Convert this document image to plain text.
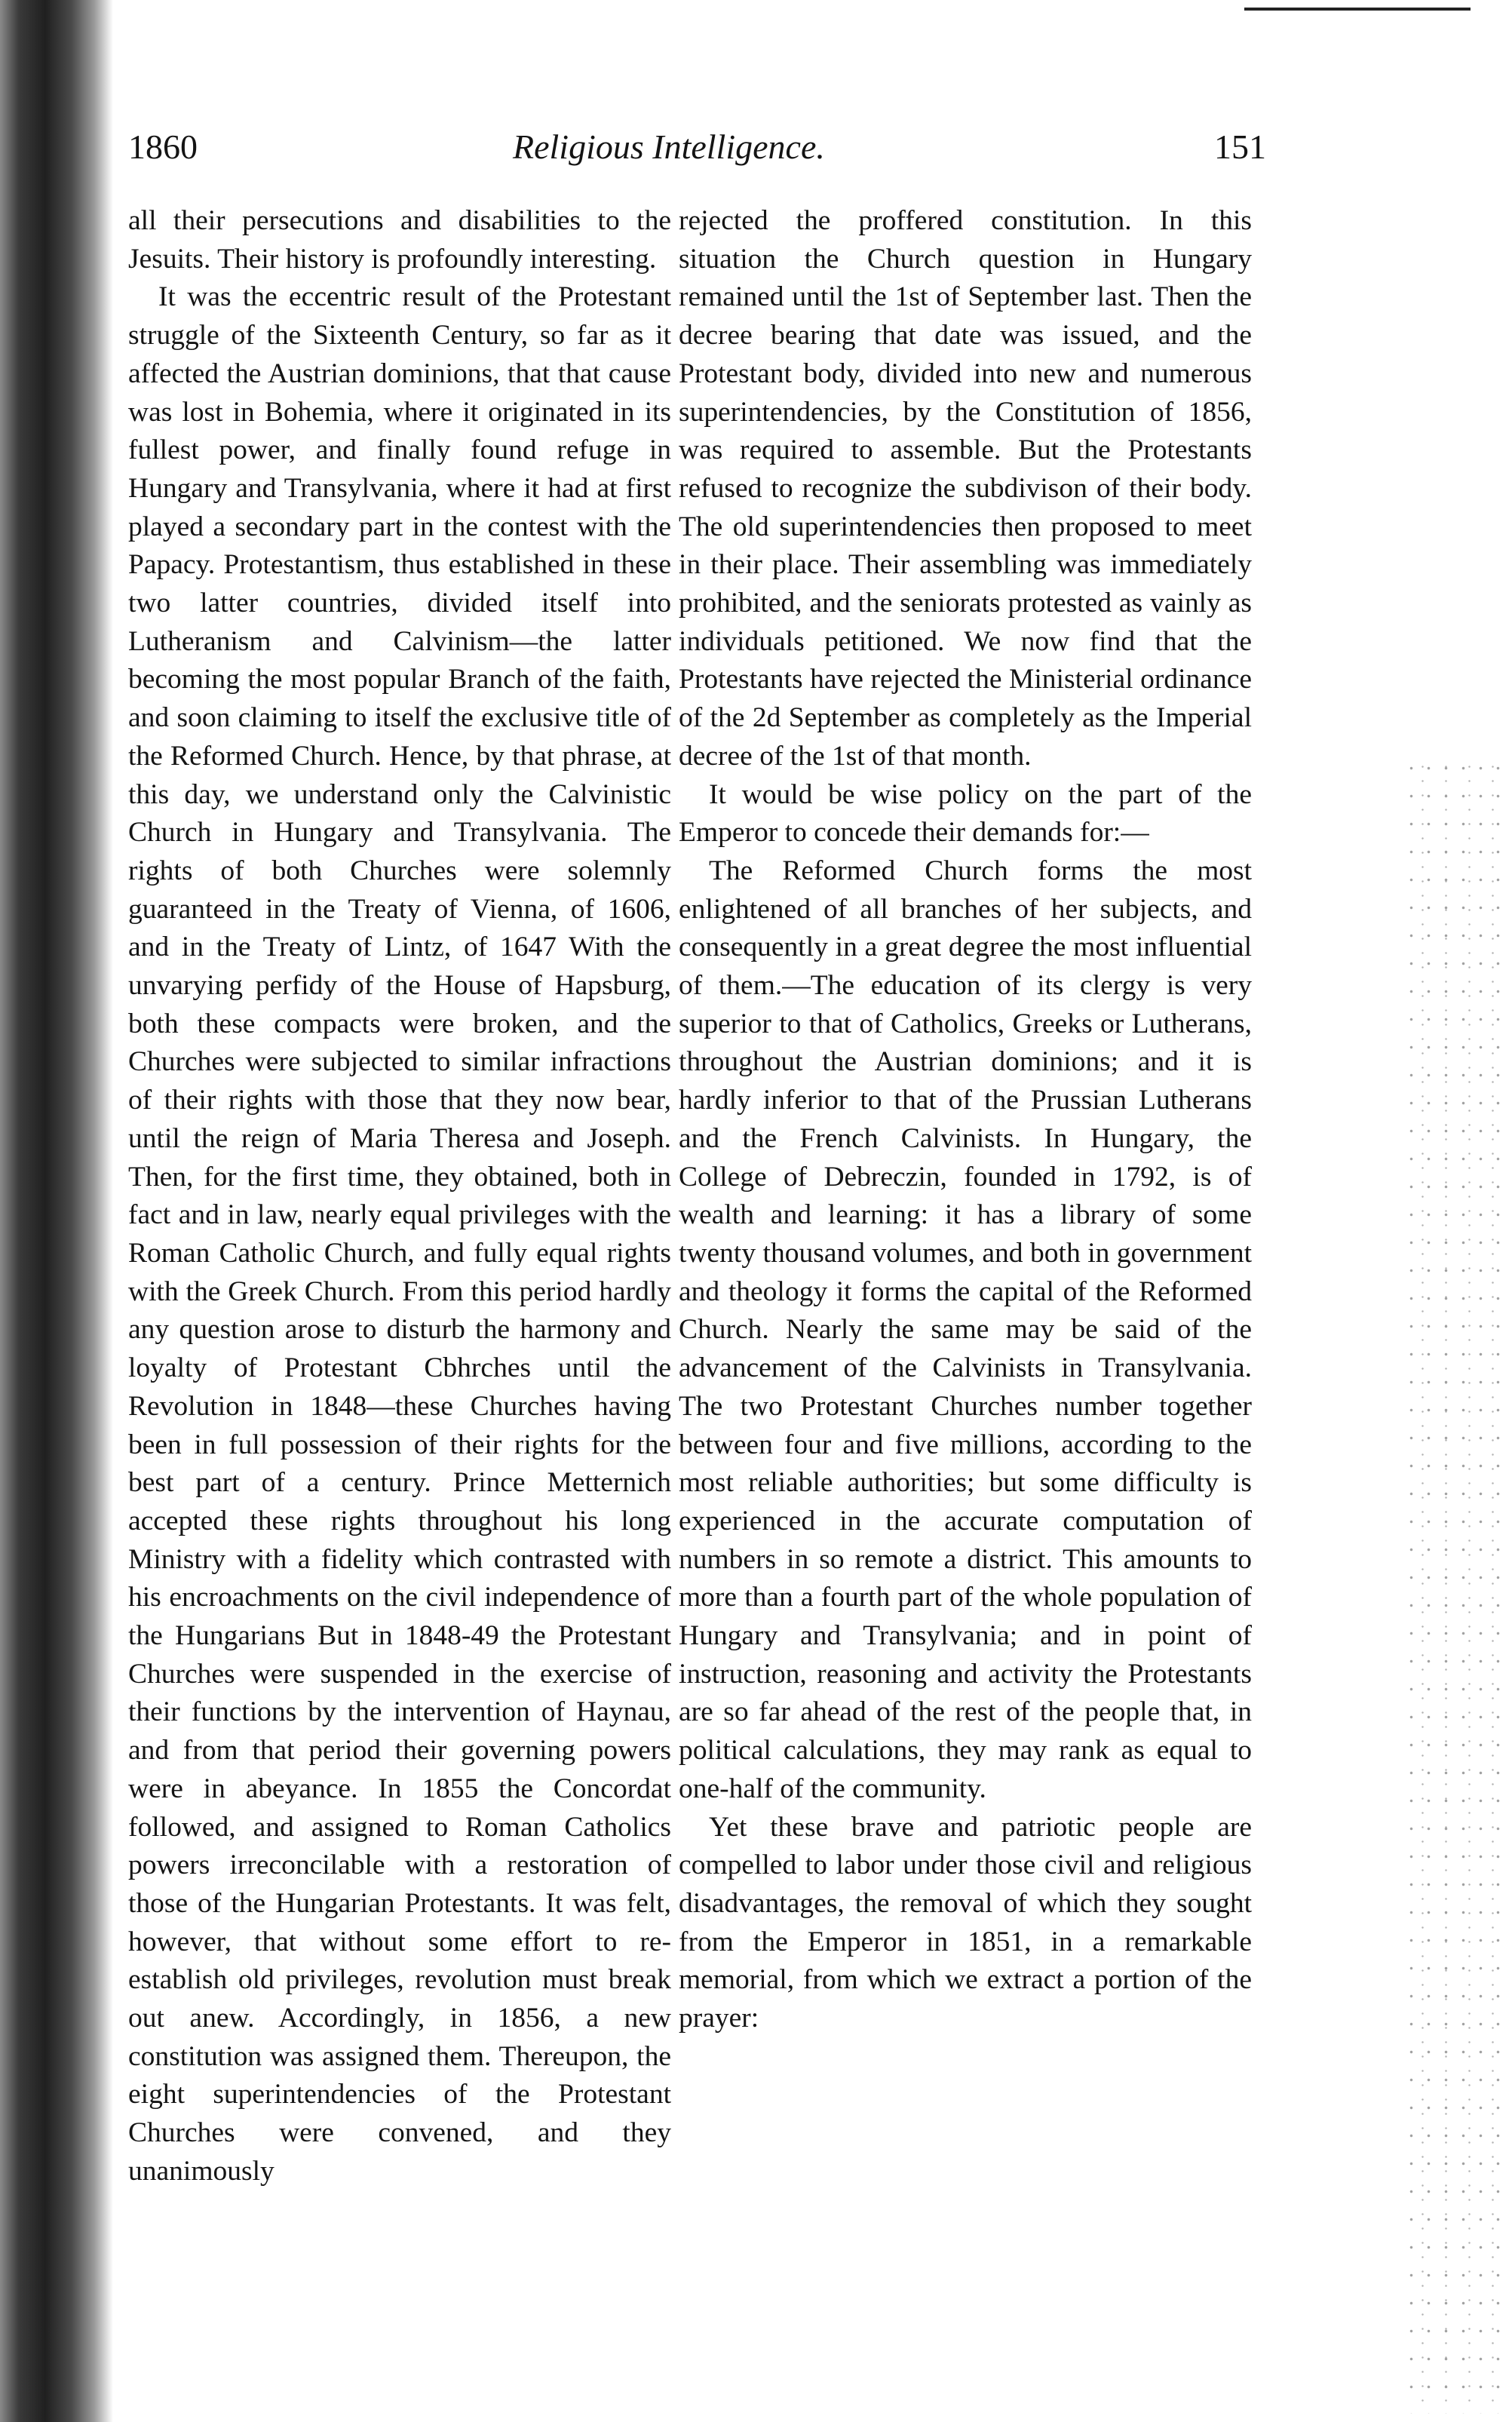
1860	Religious Intelligence.	151

all their persecutions and disabilities to the Jesuits. Their history is profoundly interesting.

It was the eccentric result of the Protestant struggle of the Sixteenth Century, so far as it affected the Austrian dominions, that that cause was lost in Bohemia, where it originated in its fullest power, and finally found refuge in Hungary and Transylvania, where it had at first played a secondary part in the contest with the Papacy. Protestantism, thus established in these two latter countries, divided itself into Lutheranism and Calvinism—the latter becoming the most popular Branch of the faith, and soon claiming to itself the exclusive title of the Reformed Church. Hence, by that phrase, at this day, we understand only the Calvinistic Church in Hungary and Transylvania. The rights of both Churches were solemnly guaranteed in the Treaty of Vienna, of 1606, and in the Treaty of Lintz, of 1647 With the unvarying perfidy of the House of Hapsburg, both these compacts were broken, and the Churches were subjected to similar infractions of their rights with those that they now bear, until the reign of Maria Theresa and Joseph. Then, for the first time, they obtained, both in fact and in law, nearly equal privileges with the Roman Catholic Church, and fully equal rights with the Greek Church. From this period hardly any question arose to disturb the harmony and loyalty of Protestant Cbhrches until the Revolution in 1848—these Churches having been in full possession of their rights for the best part of a century. Prince Metternich accepted these rights throughout his long Ministry with a fidelity which contrasted with his encroachments on the civil independence of the Hungarians But in 1848-49 the Protestant Churches were suspended in the exercise of their functions by the intervention of Haynau, and from that period their governing powers were in abeyance. In 1855 the Concordat followed, and assigned to Roman Catholics powers irreconcilable with a restoration of those of the Hungarian Protestants. It was felt, however, that without some effort to re-establish old privileges, revolution must break out anew. Accordingly, in 1856, a new constitution was assigned them. Thereupon, the eight superintendencies of the Protestant Churches were convened, and they unanimously

rejected the proffered constitution. In this situation the Church question in Hungary remained until the 1st of September last. Then the decree bearing that date was issued, and the Protestant body, divided into new and numerous superintendencies, by the Constitution of 1856, was required to assemble. But the Protestants refused to recognize the subdivison of their body. The old superintendencies then proposed to meet in their place. Their assembling was immediately prohibited, and the seniorats protested as vainly as individuals petitioned. We now find that the Protestants have rejected the Ministerial ordinance of the 2d September as completely as the Imperial decree of the 1st of that month.

It would be wise policy on the part of the Emperor to concede their demands for:—

The Reformed Church forms the most enlightened of all branches of her subjects, and consequently in a great degree the most influential of them.—The education of its clergy is very superior to that of Catholics, Greeks or Lutherans, throughout the Austrian dominions; and it is hardly inferior to that of the Prussian Lutherans and the French Calvinists. In Hungary, the College of Debreczin, founded in 1792, is of wealth and learning: it has a library of some twenty thousand volumes, and both in government and theology it forms the capital of the Reformed Church. Nearly the same may be said of the advancement of the Calvinists in Transylvania. The two Protestant Churches number together between four and five millions, according to the most reliable authorities; but some difficulty is experienced in the accurate computation of numbers in so remote a district. This amounts to more than a fourth part of the whole population of Hungary and Transylvania; and in point of instruction, reasoning and activity the Protestants are so far ahead of the rest of the people that, in political calculations, they may rank as equal to one-half of the community.

Yet these brave and patriotic people are compelled to labor under those civil and religious disadvantages, the removal of which they sought from the Emperor in 1851, in a remarkable memorial, from which we extract a portion of the prayer:
